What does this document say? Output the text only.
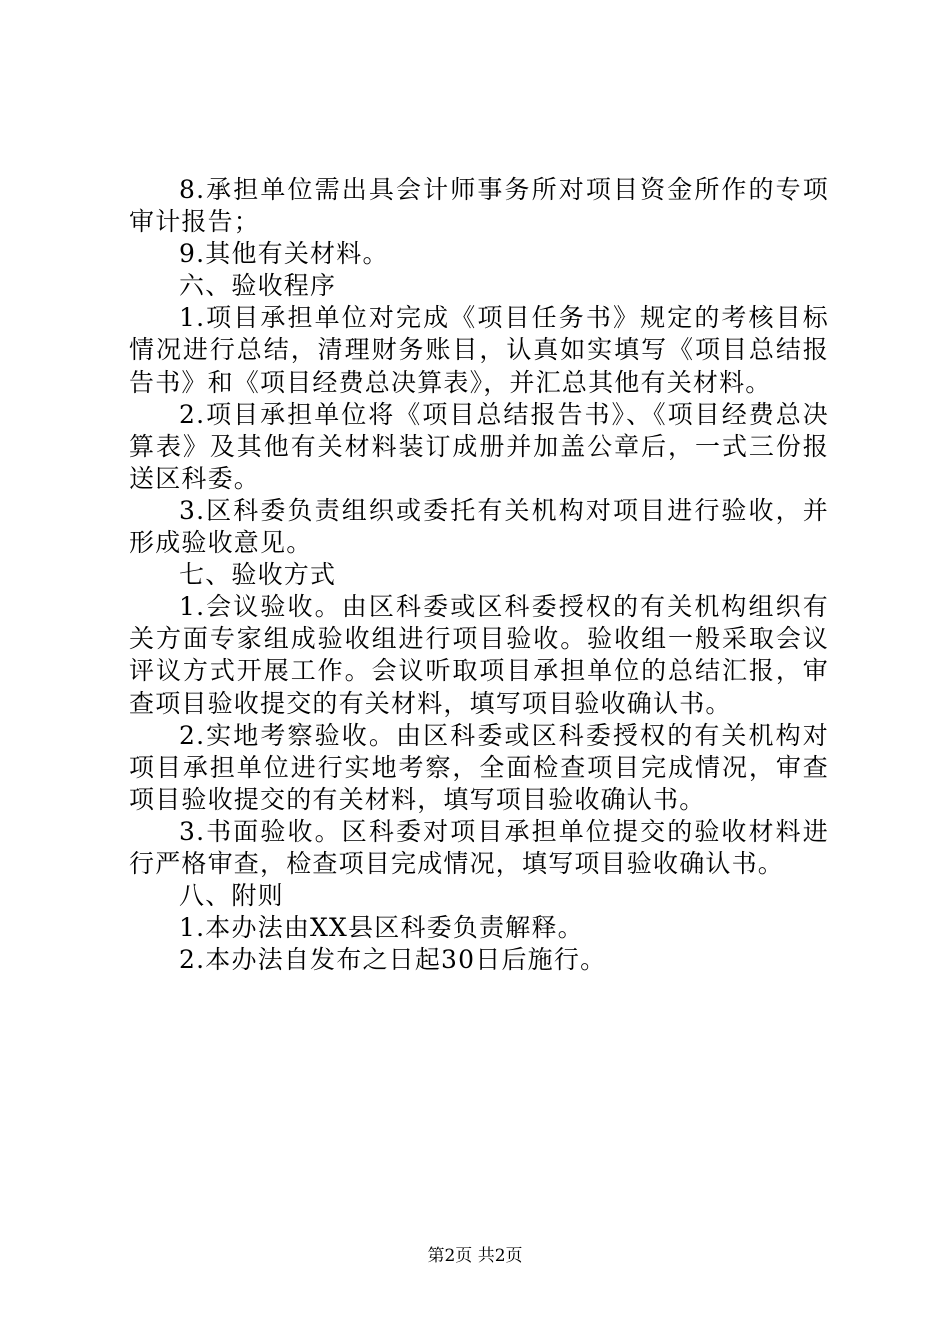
8.承担单位需出具会计师事务所对项目资金所作的专项审计报告；

9.其他有关材料。

六、验收程序

1.项目承担单位对完成《项目任务书》规定的考核目标情况进行总结，清理财务账目，认真如实填写《项目总结报告书》和《项目经费总决算表》，并汇总其他有关材料。

2.项目承担单位将《项目总结报告书》、《项目经费总决算表》及其他有关材料装订成册并加盖公章后，一式三份报送区科委。

3.区科委负责组织或委托有关机构对项目进行验收，并形成验收意见。

七、验收方式

1.会议验收。由区科委或区科委授权的有关机构组织有关方面专家组成验收组进行项目验收。验收组一般采取会议评议方式开展工作。会议听取项目承担单位的总结汇报，审查项目验收提交的有关材料，填写项目验收确认书。

2.实地考察验收。由区科委或区科委授权的有关机构对项目承担单位进行实地考察，全面检查项目完成情况，审查项目验收提交的有关材料，填写项目验收确认书。

3.书面验收。区科委对项目承担单位提交的验收材料进行严格审查，检查项目完成情况，填写项目验收确认书。

八、附则

1.本办法由XX县区科委负责解释。

2.本办法自发布之日起30日后施行。

第2页 共2页
